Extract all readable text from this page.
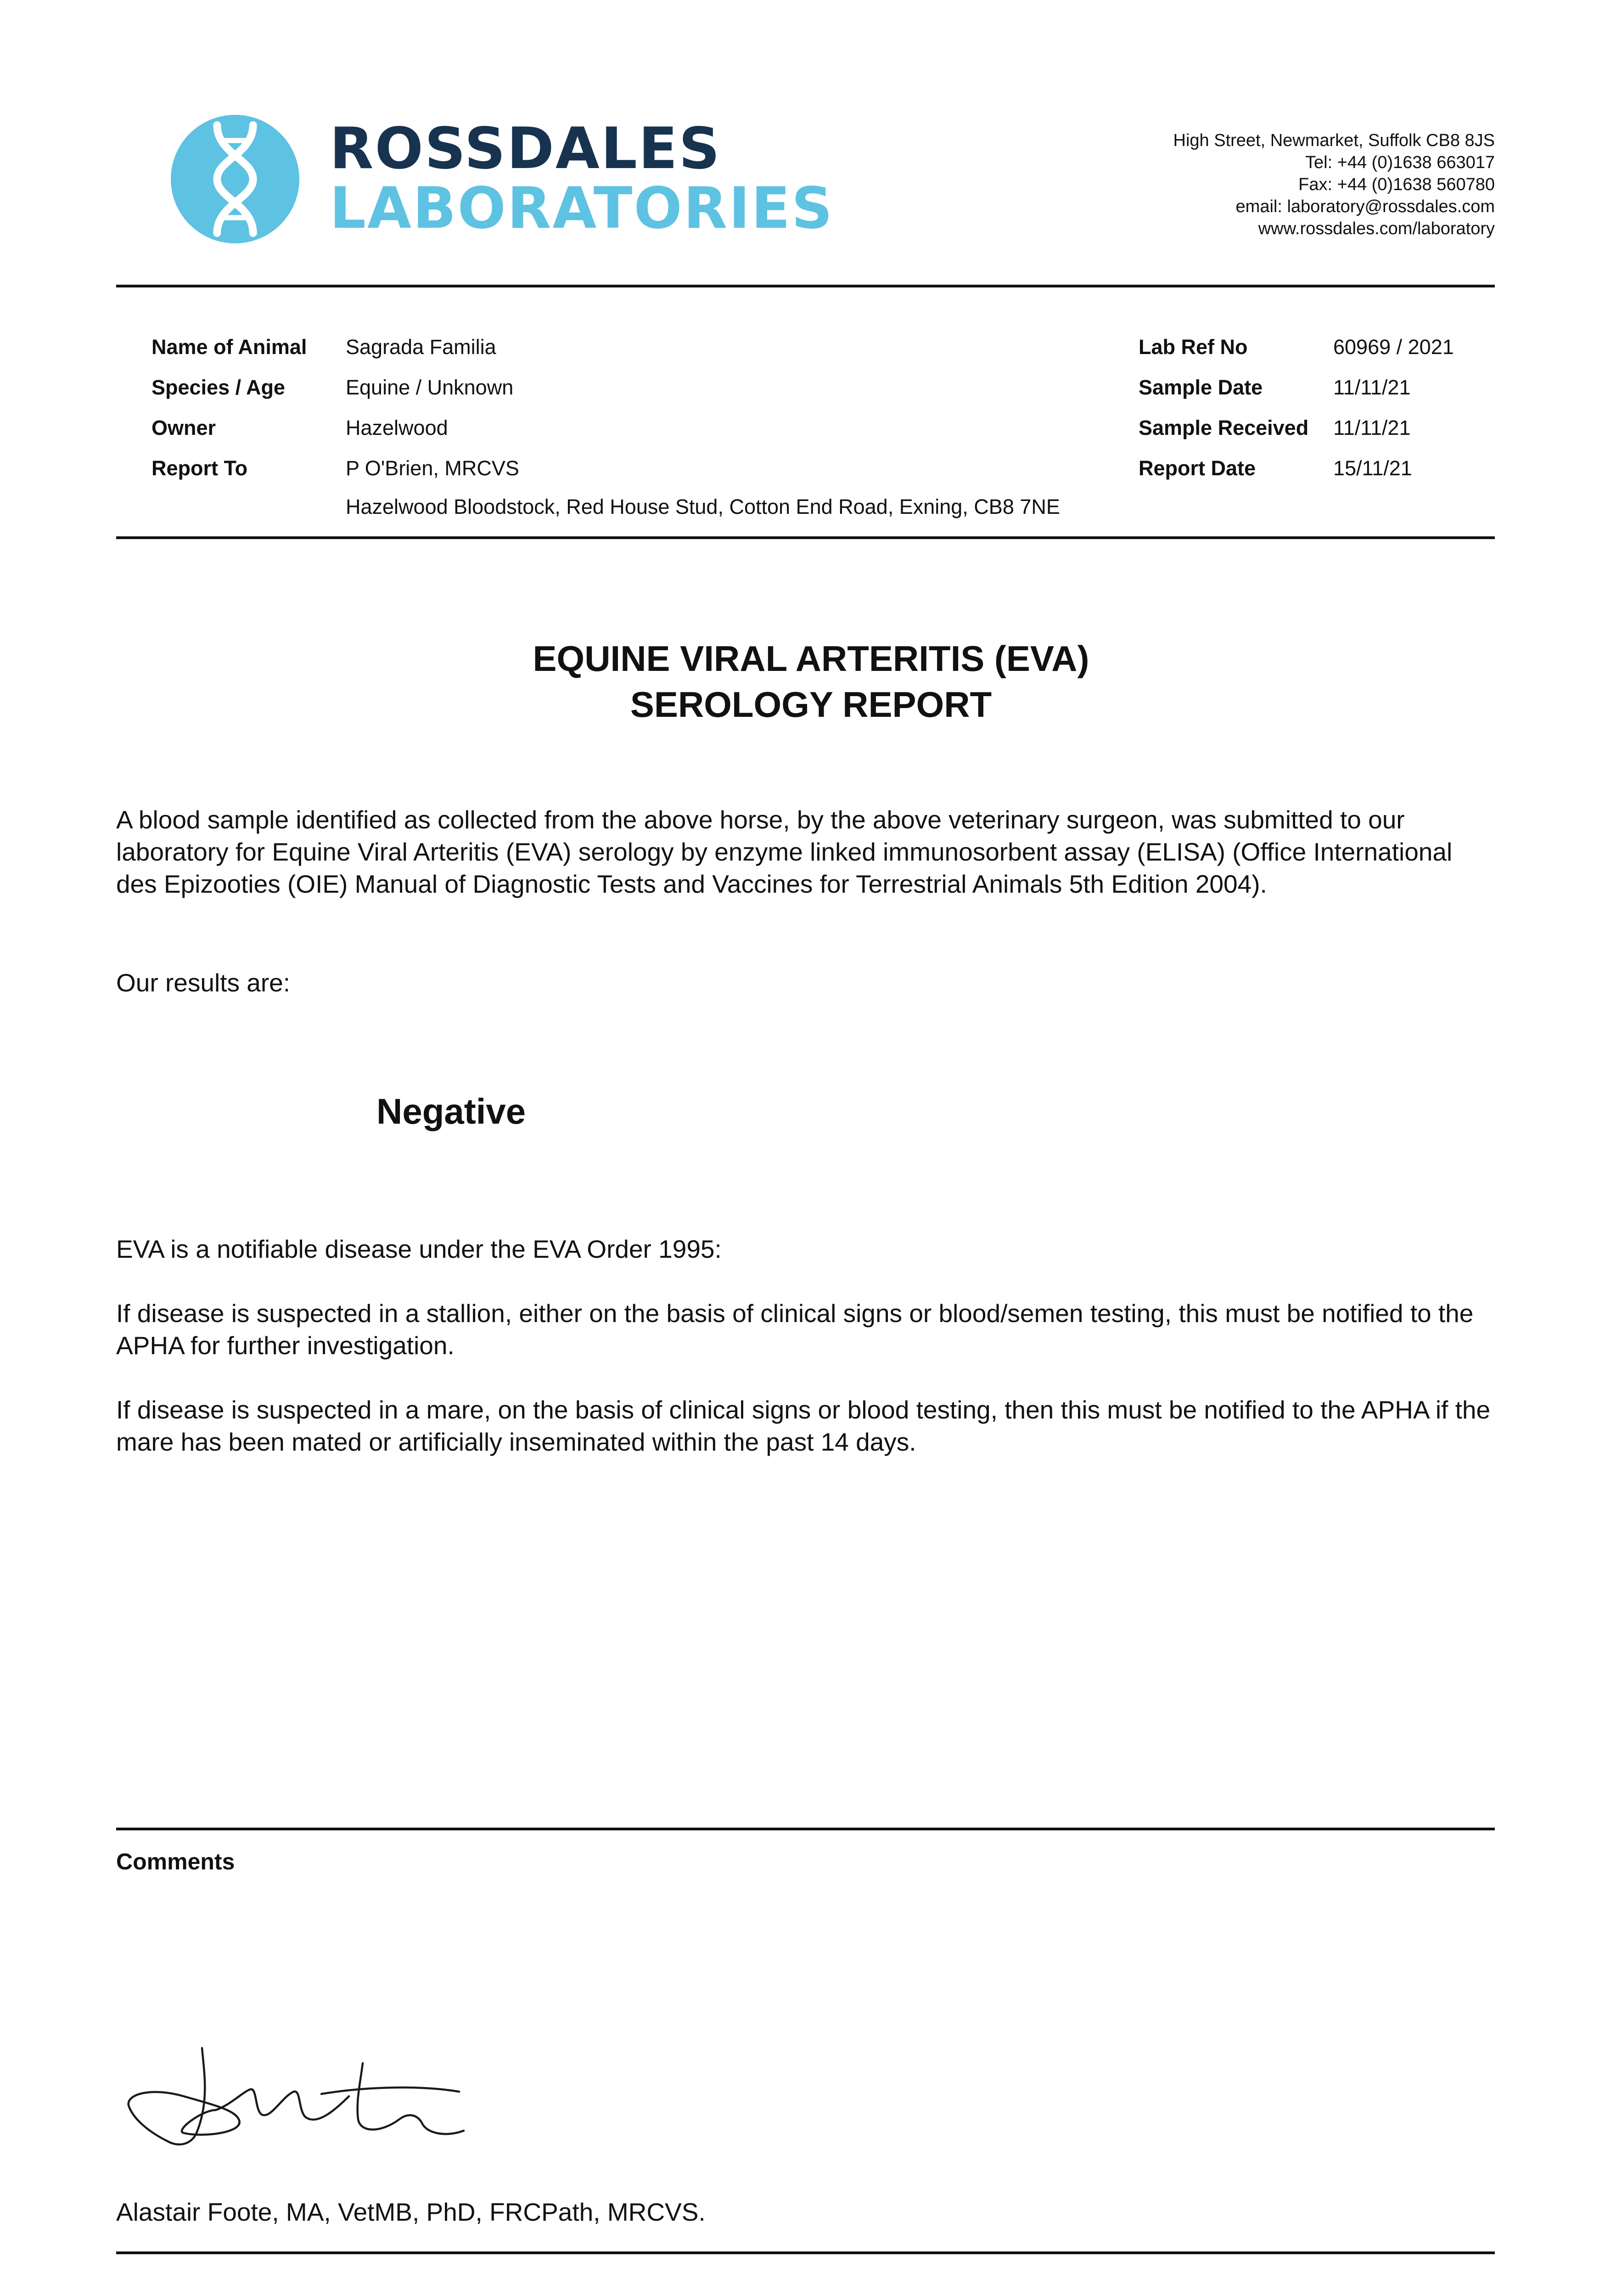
ROSSDALES
LABORATORIES
High Street, Newmarket, Suffolk CB8 8JS
Tel: +44 (0)1638 663017
Fax: +44 (0)1638 560780
email: laboratory@rossdales.com
www.rossdales.com/laboratory
Name of Animal Sagrada Familia
Species / Age	Equine / Unknown
Owner	Hazelwood
Report To	P O'Brien, MRCVS
Hazelwood Bloodstock, Red House Stud, Cotton End Road, Exning, CB8 7NE
Lab Ref No	60969 / 2021
Sample Date	11/11/21
Sample Received 11/11/21
Report Date	15/11/21
EQUINE VIRAL ARTERITIS (EVA)
SEROLOGY REPORT
A blood sample identified as collected from the above horse, by the above veterinary surgeon, was submitted to our laboratory for Equine Viral Arteritis (EVA) serology by enzyme linked immunosorbent assay (ELISA) (Office International des Epizooties (OIE) Manual of Diagnostic Tests and Vaccines for Terrestrial Animals 5th Edition 2004).
Our results are:
Negative
EVA is a notifiable disease under the EVA Order 1995:
If disease is suspected in a stallion, either on the basis of clinical signs or blood/semen testing, this must be notified to the APHA for further investigation.
If disease is suspected in a mare, on the basis of clinical signs or blood testing, then this must be notified to the APHA if the mare has been mated or artificially inseminated within the past 14 days.
Comments
Alastair Foote, MA, VetMB, PhD, FRCPath, MRCVS.
